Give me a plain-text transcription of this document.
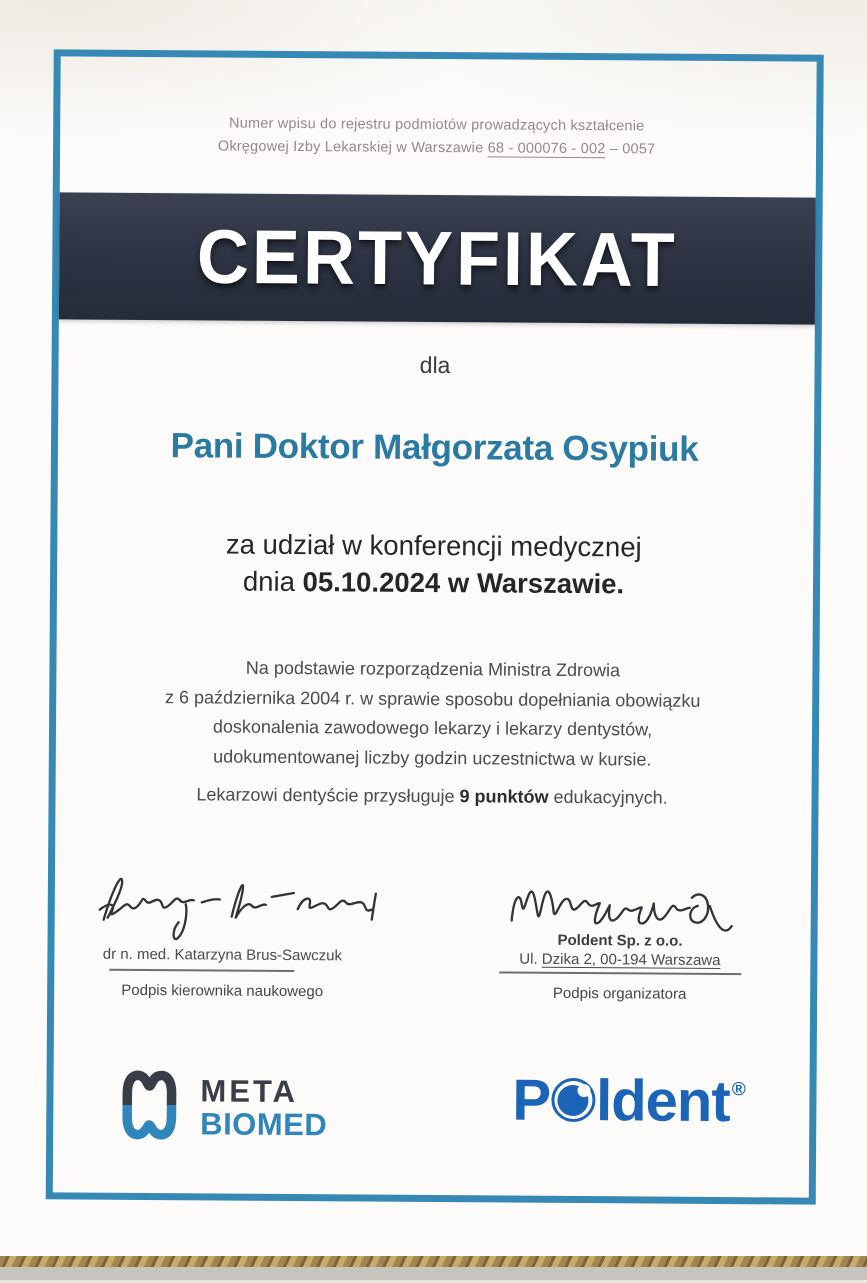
Numer wpisu do rejestru podmiotów prowadzących kształcenie
Okręgowej Izby Lekarskiej w Warszawie 68 - 000076 - 002 – 0057
CERTYFIKAT
dla
Pani Doktor Małgorzata Osypiuk
za udział w konferencji medycznej
dnia 05.10.2024 w Warszawie.
Na podstawie rozporządzenia Ministra Zdrowia
z 6 października 2004 r. w sprawie sposobu dopełniania obowiązku
doskonalenia zawodowego lekarzy i lekarzy dentystów,
udokumentowanej liczby godzin uczestnictwa w kursie.
Lekarzowi dentyście przysługuje 9 punktów edukacyjnych.
dr n. med. Katarzyna Brus-Sawczuk
Podpis kierownika naukowego
Poldent Sp. z o.o.
Ul. Dzika 2, 00-194 Warszawa
Podpis organizatora
META
BIOMED	P ldent®
